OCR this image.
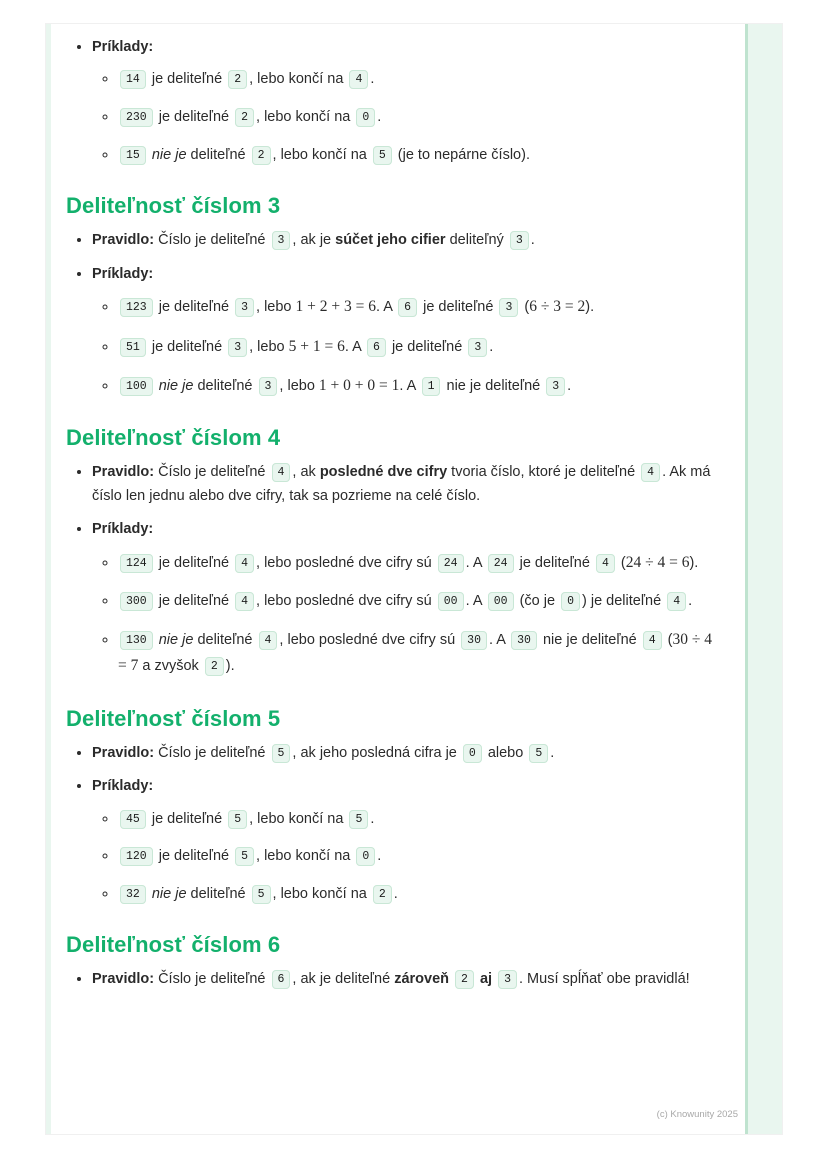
• Príklady:
◦ 14 je deliteľné 2 , lebo končí na 4 .
◦ 230 je deliteľné 2 , lebo končí na 0 .
◦ 15 nie je deliteľné 2 , lebo končí na 5 (je to nepárne číslo).
Deliteľnosť číslom 3
• Pravidlo: Číslo je deliteľné 3 , ak je súčet jeho cifier deliteľný 3 .
• Príklady:
◦ 123 je deliteľné 3 , lebo 1 + 2 + 3 = 6. A 6 je deliteľné 3 (6 ÷ 3 = 2).
◦ 51 je deliteľné 3 , lebo 5 + 1 = 6. A 6 je deliteľné 3 .
◦ 100 nie je deliteľné 3 , lebo 1 + 0 + 0 = 1. A 1 nie je deliteľné 3 .
Deliteľnosť číslom 4
• Pravidlo: Číslo je deliteľné 4 , ak posledné dve cifry tvoria číslo, ktoré je deliteľné 4 . Ak má číslo len jednu alebo dve cifry, tak sa pozrieme na celé číslo.
• Príklady:
◦ 124 je deliteľné 4 , lebo posledné dve cifry sú 24 . A 24 je deliteľné 4 (24 ÷ 4 = 6).
◦ 300 je deliteľné 4 , lebo posledné dve cifry sú 00 . A 00 (čo je 0 ) je deliteľné 4 .
◦ 130 nie je deliteľné 4 , lebo posledné dve cifry sú 30 . A 30 nie je deliteľné 4 (30 ÷ 4 = 7 a zvyšok 2 ).
Deliteľnosť číslom 5
• Pravidlo: Číslo je deliteľné 5 , ak jeho posledná cifra je 0 alebo 5 .
• Príklady:
◦ 45 je deliteľné 5 , lebo končí na 5 .
◦ 120 je deliteľné 5 , lebo končí na 0 .
◦ 32 nie je deliteľné 5 , lebo končí na 2 .
Deliteľnosť číslom 6
• Pravidlo: Číslo je deliteľné 6 , ak je deliteľné zároveň 2 aj 3 . Musí spĺňať obe pravidlá!
(c) Knowunity 2025
